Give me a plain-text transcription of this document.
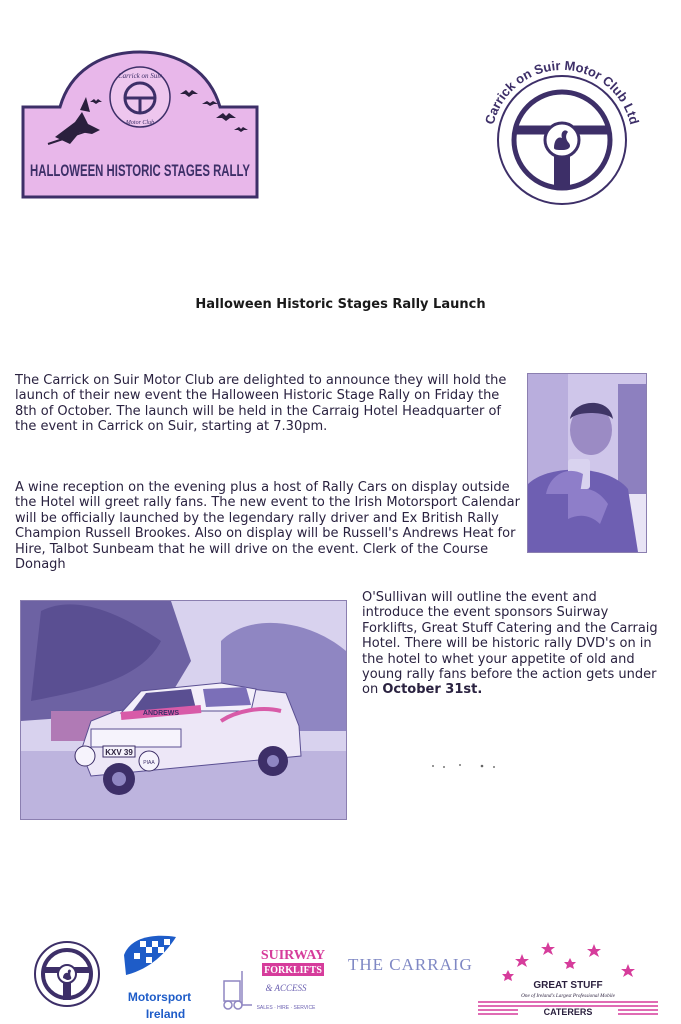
Carrick on Suir
Motor Club
HALLOWEEN HISTORIC STAGES RALLY
Carrick on Suir Motor Club Ltd
Halloween Historic Stages Rally Launch
The Carrick on Suir Motor Club are delighted to announce they will hold the launch of their new event the Halloween Historic Stage Rally on Friday the 8th of October. The launch will be held in the Carraig Hotel Headquarter of the event in Carrick on Suir, starting at 7.30pm.
A wine reception on the evening plus a host of Rally Cars on display outside the Hotel will greet rally fans. The new event to the Irish Motorsport Calendar will be officially launched by the legendary rally driver and Ex British Rally Champion Russell Brookes. Also on display will be Russell's Andrews Heat for Hire, Talbot Sunbeam that he will drive on the event. Clerk of the Course Donagh
O'Sullivan will outline the event and introduce the event sponsors Suirway Forklifts, Great Stuff Catering and the Carraig Hotel. There will be historic rally DVD's on in the hotel to whet your appetite of old and young rally fans before the action gets under on October 31st.
ANDREWS
KXV 39
PIAA
Motorsport
Ireland
SUIRWAY
FORKLIFTS
& ACCESS
SALES · HIRE · SERVICE
THE CARRAIG
GREAT STUFF
One of Ireland's Largest Professional Mobile
CATERERS
